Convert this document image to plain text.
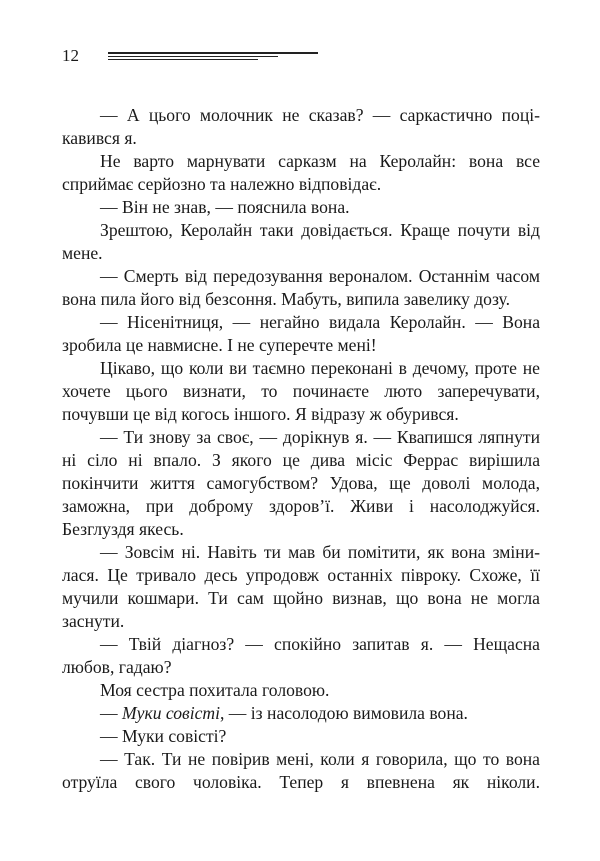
12

— А цього молочник не сказав? — саркастично поцікавився я.

Не варто марнувати сарказм на Керолайн: вона все сприймає серйозно та належно відповідає.

— Він не знав, — пояснила вона.

Зрештою, Керолайн таки довідається. Краще почути від мене.

— Смерть від передозування вероналом. Останнім часом вона пила його від безсоння. Мабуть, випила завелику дозу.

— Нісенітниця, — негайно видала Керолайн. — Вона зробила це навмисне. І не суперечте мені!

Цікаво, що коли ви таємно переконані в дечому, проте не хочете цього визнати, то починаєте люто заперечувати, почувши це від когось іншого. Я відразу ж обурився.

— Ти знову за своє, — дорікнув я. — Квапишся ляпнути ні сіло ні впало. З якого це дива місіс Феррас вирішила покінчити життя самогубством? Удова, ще доволі молода, заможна, при доброму здоров’ї. Живи і насолоджуйся. Безглуздя якесь.

— Зовсім ні. Навіть ти мав би помітити, як вона змінилася. Це тривало десь упродовж останніх півроку. Схоже, її мучили кошмари. Ти сам щойно визнав, що вона не могла заснути.

— Твій діагноз? — спокійно запитав я. — Нещасна любов, гадаю?

Моя сестра похитала головою.

— Муки совісті, — із насолодою вимовила вона.

— Муки совісті?

— Так. Ти не повірив мені, коли я говорила, що то вона отруїла свого чоловіка. Тепер я впевнена як ніколи.
